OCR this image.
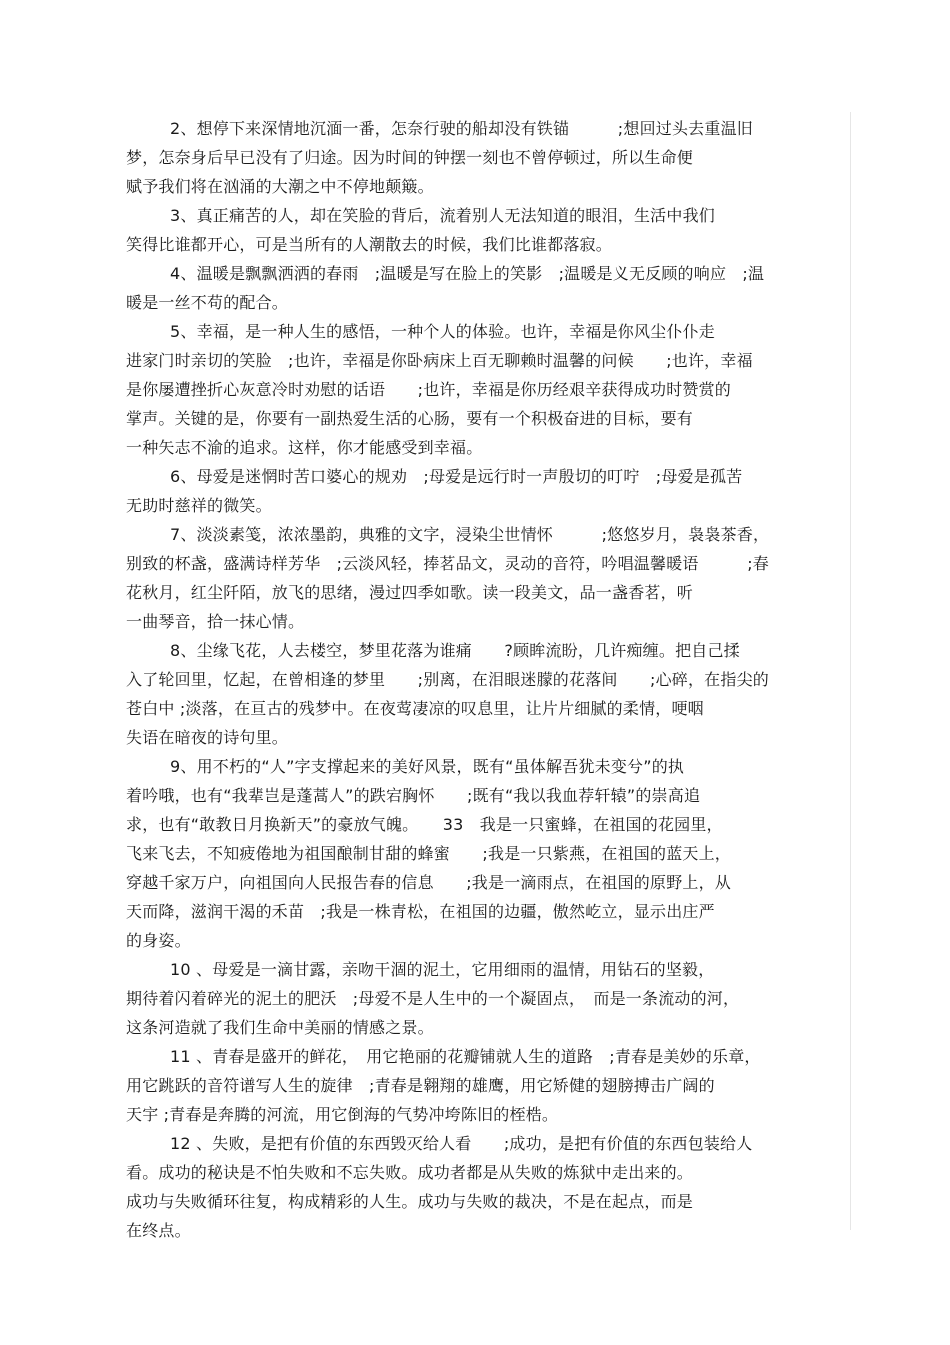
2、想停下来深情地沉湎一番，怎奈行驶的船却没有铁锚　　　;想回过头去重温旧
梦，怎奈身后早已没有了归途。因为时间的钟摆一刻也不曾停顿过，所以生命便
赋予我们将在汹涌的大潮之中不停地颠簸。
3、真正痛苦的人，却在笑脸的背后，流着别人无法知道的眼泪，生活中我们
笑得比谁都开心，可是当所有的人潮散去的时候，我们比谁都落寂。
4、温暖是飘飘洒洒的春雨　;温暖是写在脸上的笑影　;温暖是义无反顾的响应　;温
暖是一丝不苟的配合。
5、幸福，是一种人生的感悟，一种个人的体验。也许，幸福是你风尘仆仆走
进家门时亲切的笑脸　;也许，幸福是你卧病床上百无聊赖时温馨的问候　　;也许，幸福
是你屡遭挫折心灰意冷时劝慰的话语　　;也许，幸福是你历经艰辛获得成功时赞赏的
掌声。关键的是，你要有一副热爱生活的心肠，要有一个积极奋进的目标，要有
一种矢志不渝的追求。这样，你才能感受到幸福。
6、母爱是迷惘时苦口婆心的规劝　;母爱是远行时一声殷切的叮咛　;母爱是孤苦
无助时慈祥的微笑。
7、淡淡素笺，浓浓墨韵，典雅的文字，浸染尘世情怀　　　;悠悠岁月，袅袅茶香，
别致的杯盏，盛满诗样芳华　;云淡风轻，捧茗品文，灵动的音符，吟唱温馨暖语　　　;春
花秋月，红尘阡陌，放飞的思绪，漫过四季如歌。读一段美文，品一盏香茗，听
一曲琴音，拾一抹心情。
8、尘缘飞花，人去楼空，梦里花落为谁痛　　?顾眸流盼，几许痴缠。把自己揉
入了轮回里，忆起，在曾相逢的梦里　　;别离，在泪眼迷朦的花落间　　;心碎，在指尖的
苍白中 ;淡落，在亘古的残梦中。在夜莺凄凉的叹息里，让片片细腻的柔情，哽咽
失语在暗夜的诗句里。
9、用不朽的“人”字支撑起来的美好风景，既有“虽体解吾犹未变兮”的执
着吟哦，也有“我辈岂是蓬蒿人”的跌宕胸怀　　;既有“我以我血荐轩辕”的崇高追
求，也有“敢教日月换新天”的豪放气魄。　　33　我是一只蜜蜂，在祖国的花园里，
飞来飞去，不知疲倦地为祖国酿制甘甜的蜂蜜　　;我是一只紫燕，在祖国的蓝天上，
穿越千家万户，向祖国向人民报告春的信息　　;我是一滴雨点，在祖国的原野上，从
天而降，滋润干渴的禾苗　;我是一株青松，在祖国的边疆，傲然屹立，显示出庄严
的身姿。
10 、母爱是一滴甘露，亲吻干涸的泥土，它用细雨的温情，用钻石的坚毅，
期待着闪着碎光的泥土的肥沃　;母爱不是人生中的一个凝固点，　而是一条流动的河，
这条河造就了我们生命中美丽的情感之景。
11 、青春是盛开的鲜花，　用它艳丽的花瓣铺就人生的道路　;青春是美妙的乐章，
用它跳跃的音符谱写人生的旋律　;青春是翱翔的雄鹰，用它矫健的翅膀搏击广阔的
天宇 ;青春是奔腾的河流，用它倒海的气势冲垮陈旧的桎梏。
12 、失败，是把有价值的东西毁灭给人看　　;成功，是把有价值的东西包装给人
看。成功的秘诀是不怕失败和不忘失败。成功者都是从失败的炼狱中走出来的。
成功与失败循环往复，构成精彩的人生。成功与失败的裁决，不是在起点，而是
在终点。
